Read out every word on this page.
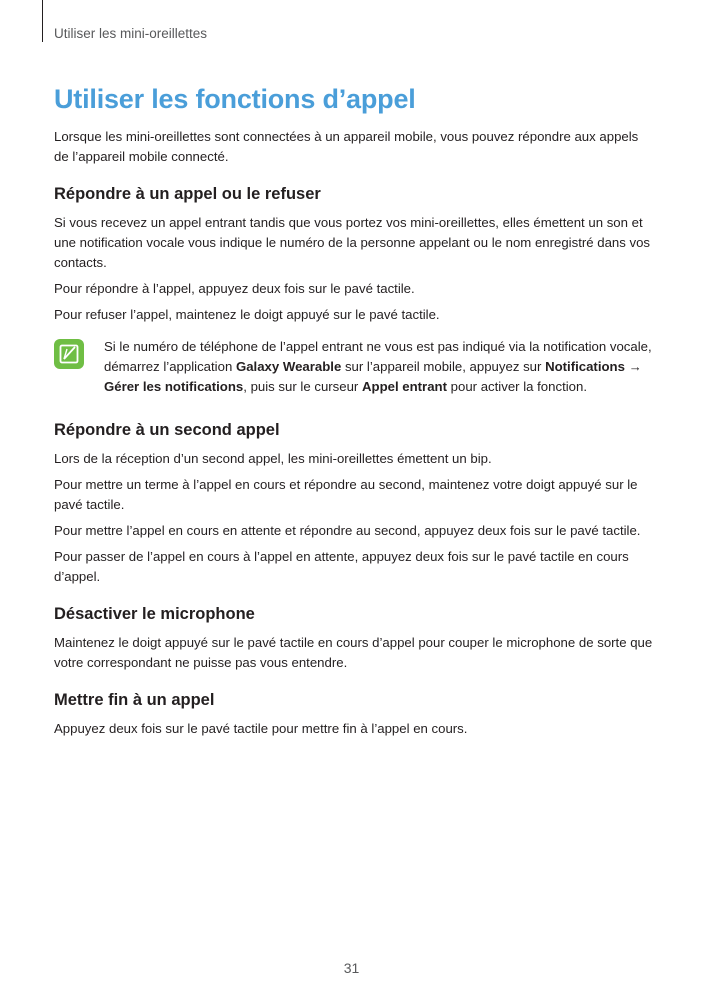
Utiliser les mini-oreillettes
Utiliser les fonctions d’appel

Lorsque les mini-oreillettes sont connectées à un appareil mobile, vous pouvez répondre aux appels de l’appareil mobile connecté.

Répondre à un appel ou le refuser

Si vous recevez un appel entrant tandis que vous portez vos mini-oreillettes, elles émettent un son et une notification vocale vous indique le numéro de la personne appelant ou le nom enregistré dans vos contacts.

Pour répondre à l’appel, appuyez deux fois sur le pavé tactile.

Pour refuser l’appel, maintenez le doigt appuyé sur le pavé tactile.

Si le numéro de téléphone de l’appel entrant ne vous est pas indiqué via la notification vocale, démarrez l’application Galaxy Wearable sur l’appareil mobile, appuyez sur Notifications → Gérer les notifications, puis sur le curseur Appel entrant pour activer la fonction.
Répondre à un second appel

Lors de la réception d’un second appel, les mini-oreillettes émettent un bip.

Pour mettre un terme à l’appel en cours et répondre au second, maintenez votre doigt appuyé sur le pavé tactile.

Pour mettre l’appel en cours en attente et répondre au second, appuyez deux fois sur le pavé tactile.

Pour passer de l’appel en cours à l’appel en attente, appuyez deux fois sur le pavé tactile en cours d’appel.

Désactiver le microphone

Maintenez le doigt appuyé sur le pavé tactile en cours d’appel pour couper le microphone de sorte que votre correspondant ne puisse pas vous entendre.

Mettre fin à un appel

Appuyez deux fois sur le pavé tactile pour mettre fin à l’appel en cours.

31
